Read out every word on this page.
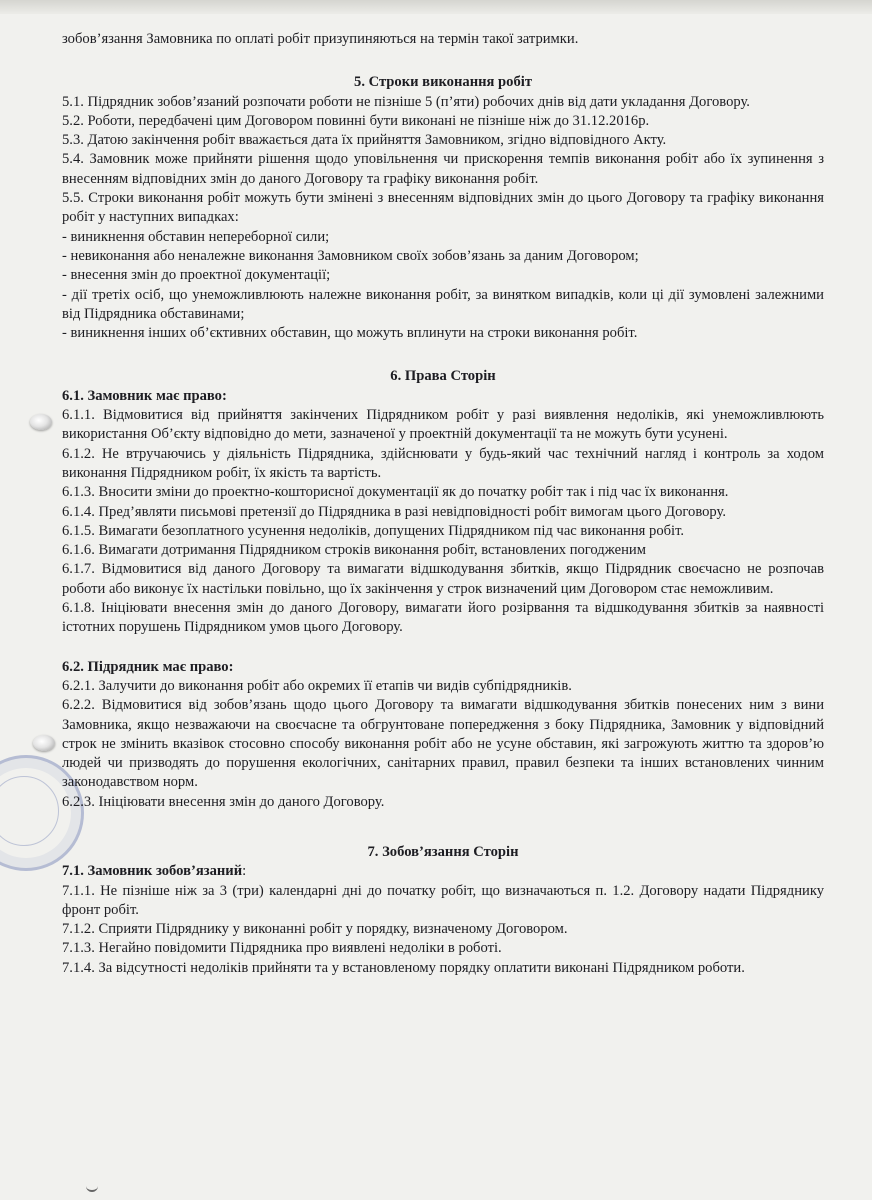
зобов’язання Замовника по оплаті робіт призупиняються на термін такої затримки.

5. Строки виконання робіт

5.1. Підрядник зобов’язаний розпочати роботи не пізніше 5 (п’яти) робочих днів від дати укладання Договору.

5.2. Роботи, передбачені цим Договором повинні бути виконані не пізніше ніж до 31.12.2016р.

5.3. Датою закінчення робіт вважається дата їх прийняття Замовником, згідно відповідного Акту.

5.4. Замовник може прийняти рішення щодо уповільнення чи прискорення темпів виконання робіт або їх зупинення з внесенням відповідних змін до даного Договору та графіку виконання робіт.

5.5. Строки виконання робіт можуть бути змінені з внесенням відповідних змін до цього Договору та графіку виконання робіт у наступних випадках:

- виникнення обставин непереборної сили;

- невиконання або неналежне виконання Замовником своїх зобов’язань за даним Договором;

- внесення змін до проектної документації;

- дії третіх осіб, що унеможливлюють належне виконання робіт, за винятком випадків, коли ці дії зумовлені залежними від Підрядника обставинами;

- виникнення інших об’єктивних обставин, що можуть вплинути на строки виконання робіт.

6. Права Сторін

6.1. Замовник має право:

6.1.1. Відмовитися від прийняття закінчених Підрядником робіт у разі виявлення недоліків, які унеможливлюють використання Об’єкту відповідно до мети, зазначеної у проектній документації та не можуть бути усунені.

6.1.2. Не втручаючись у діяльність Підрядника, здійснювати у будь-який час технічний нагляд і контроль за ходом виконання Підрядником робіт, їх якість та вартість.

6.1.3. Вносити зміни до проектно-кошторисної документації як до початку робіт так і під час їх виконання.

6.1.4. Пред’являти письмові претензії до Підрядника в разі невідповідності робіт вимогам цього Договору.

6.1.5. Вимагати безоплатного усунення недоліків, допущених Підрядником під час виконання робіт.

6.1.6. Вимагати дотримання Підрядником строків виконання робіт, встановлених погодженим

6.1.7. Відмовитися від даного Договору та вимагати відшкодування збитків, якщо Підрядник своєчасно не розпочав роботи або виконує їх настільки повільно, що їх закінчення у строк визначений цим Договором стає неможливим.

6.1.8. Ініціювати внесення змін до даного Договору, вимагати його розірвання та відшкодування збитків за наявності істотних порушень Підрядником умов цього Договору.

6.2. Підрядник має право:

6.2.1. Залучити до виконання робіт або окремих її етапів чи видів субпідрядників.

6.2.2. Відмовитися від зобов’язань щодо цього Договору та вимагати відшкодування збитків понесених ним з вини Замовника, якщо незважаючи на своєчасне та обгрунтоване попередження з боку Підрядника, Замовник у відповідний строк не змінить вказівок стосовно способу виконання робіт або не усуне обставин, які загрожують життю та здоров’ю людей чи призводять до порушення екологічних, санітарних правил, правил безпеки та інших встановлених чинним законодавством норм.

6.2.3. Ініціювати внесення змін до даного Договору.

7. Зобов’язання Сторін

7.1. Замовник зобов’язаний:

7.1.1. Не пізніше ніж за 3 (три) календарні дні до початку робіт, що визначаються п. 1.2. Договору надати Підряднику фронт робіт.

7.1.2. Сприяти Підряднику у виконанні робіт у порядку, визначеному Договором.

7.1.3. Негайно повідомити Підрядника про виявлені недоліки в роботі.

7.1.4. За відсутності недоліків прийняти та у встановленому порядку оплатити виконані Підрядником роботи.
